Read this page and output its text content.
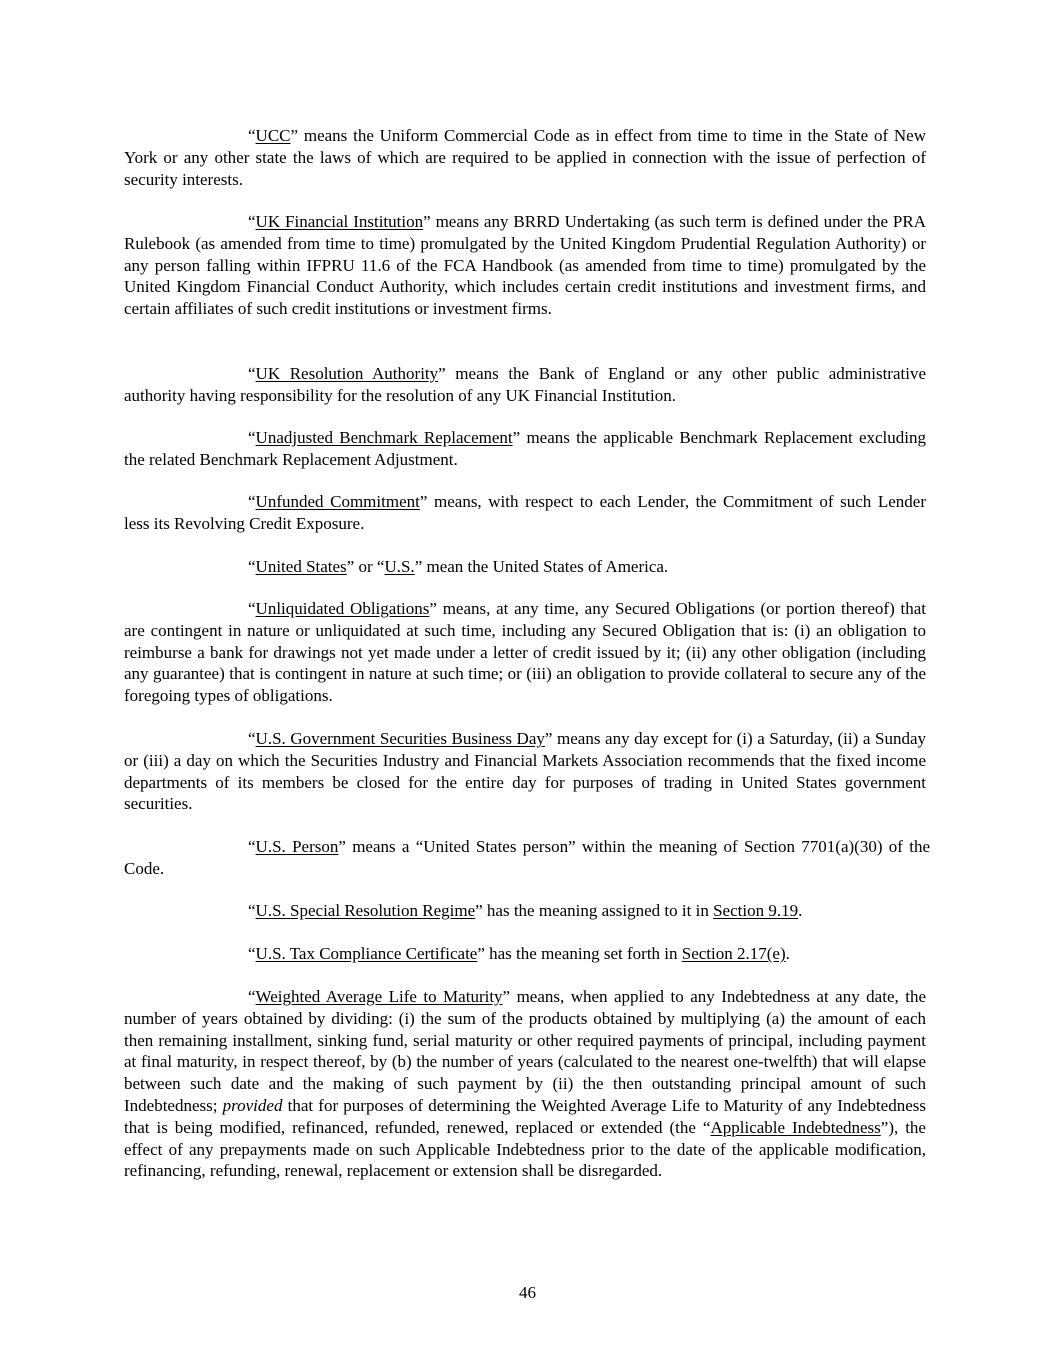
“UCC” means the Uniform Commercial Code as in effect from time to time in the State of New York or any other state the laws of which are required to be applied in connection with the issue of perfection of security interests.

“UK Financial Institution” means any BRRD Undertaking (as such term is defined under the PRA Rulebook (as amended from time to time) promulgated by the United Kingdom Prudential Regulation Authority) or any person falling within IFPRU 11.6 of the FCA Handbook (as amended from time to time) promulgated by the United Kingdom Financial Conduct Authority, which includes certain credit institutions and investment firms, and certain affiliates of such credit institutions or investment firms.

“UK Resolution Authority” means the Bank of England or any other public administrative authority having responsibility for the resolution of any UK Financial Institution.

“Unadjusted Benchmark Replacement” means the applicable Benchmark Replacement excluding the related Benchmark Replacement Adjustment.

“Unfunded Commitment” means, with respect to each Lender, the Commitment of such Lender less its Revolving Credit Exposure.

“United States” or “U.S.” mean the United States of America.

“Unliquidated Obligations” means, at any time, any Secured Obligations (or portion thereof) that are contingent in nature or unliquidated at such time, including any Secured Obligation that is: (i) an obligation to reimburse a bank for drawings not yet made under a letter of credit issued by it; (ii) any other obligation (including any guarantee) that is contingent in nature at such time; or (iii) an obligation to provide collateral to secure any of the foregoing types of obligations.

“U.S. Government Securities Business Day” means any day except for (i) a Saturday, (ii) a Sunday or (iii) a day on which the Securities Industry and Financial Markets Association recommends that the fixed income departments of its members be closed for the entire day for purposes of trading in United States government securities.

“U.S. Person” means a “United States person” within the meaning of Section 7701(a)(30) of the Code.

“U.S. Special Resolution Regime” has the meaning assigned to it in Section 9.19.

“U.S. Tax Compliance Certificate” has the meaning set forth in Section 2.17(e).

“Weighted Average Life to Maturity” means, when applied to any Indebtedness at any date, the number of years obtained by dividing: (i) the sum of the products obtained by multiplying (a) the amount of each then remaining installment, sinking fund, serial maturity or other required payments of principal, including payment at final maturity, in respect thereof, by (b) the number of years (calculated to the nearest one-twelfth) that will elapse between such date and the making of such payment by (ii) the then outstanding principal amount of such Indebtedness; provided that for purposes of determining the Weighted Average Life to Maturity of any Indebtedness that is being modified, refinanced, refunded, renewed, replaced or extended (the “Applicable Indebtedness”), the effect of any prepayments made on such Applicable Indebtedness prior to the date of the applicable modification, refinancing, refunding, renewal, replacement or extension shall be disregarded.

46
